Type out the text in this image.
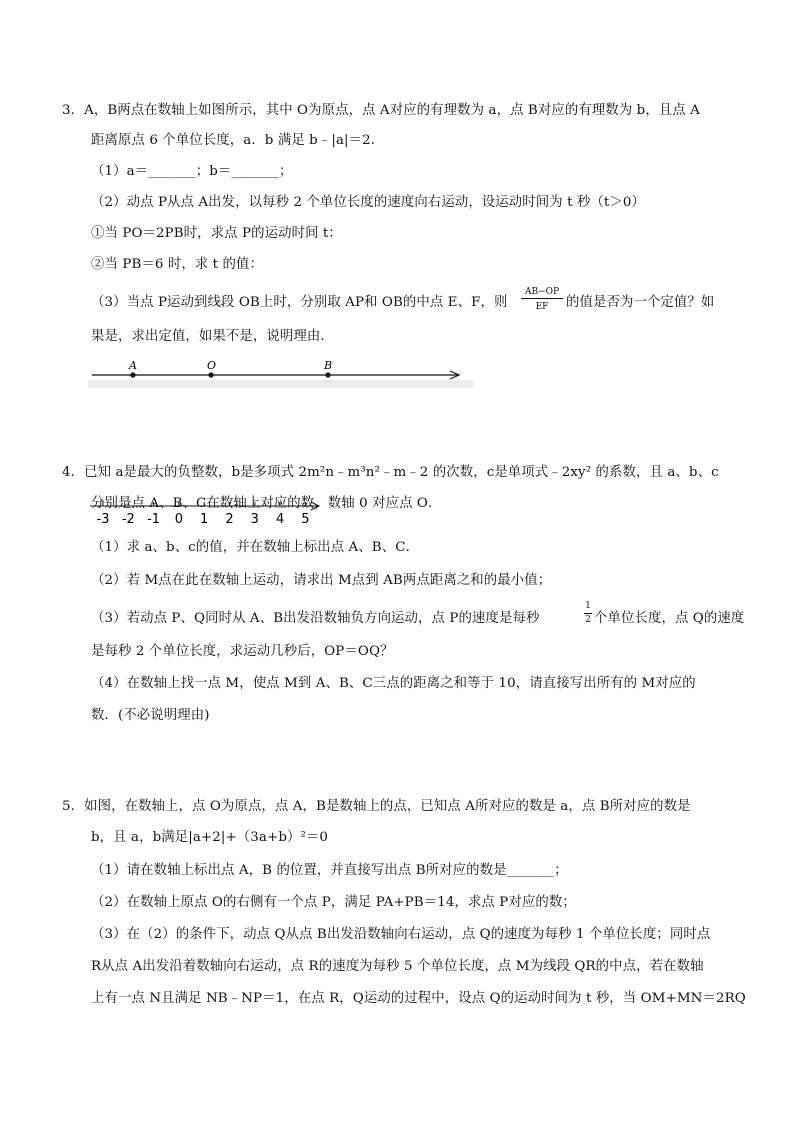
3．A，B两点在数轴上如图所示，其中 O为原点，点 A对应的有理数为 a，点 B对应的有理数为 b，且点 A
距离原点 6 个单位长度，a．b 满足 b﹣|a|＝2．
（1）a＝_______；b＝_______；
（2）动点 P从点 A出发，以每秒 2 个单位长度的速度向右运动，设运动时间为 t 秒（t＞0）
①当 PO＝2PB时，求点 P的运动时间 t：
②当 PB＝6 时，求 t 的值：
（3）当点 P运动到线段 OB上时，分别取 AP和 OB的中点 E、F，则
AB−OP
EF	的值是否为一个定值？如
果是，求出定值，如果不是，说明理由．
A	O	B
4．已知 a是最大的负整数，b是多项式 2m²n﹣m³n²﹣m﹣2 的次数，c是单项式﹣2xy² 的系数，且 a、b、c
分别是点 A、B、C在数轴上对应的数，数轴 0 对应点 O．
-3 -2 -1 0 1 2 3 4 5
（1）求 a、b、c的值，并在数轴上标出点 A、B、C．
（2）若 M点在此在数轴上运动，请求出 M点到 AB两点距离之和的最小值；
（3）若动点 P、Q同时从 A、B出发沿数轴负方向运动，点 P的速度是每秒
1
2 个单位长度，点 Q的速度
是每秒 2 个单位长度，求运动几秒后，OP＝OQ？
（4）在数轴上找一点 M，使点 M到 A、B、C三点的距离之和等于 10，请直接写出所有的 M对应的
数．(不必说明理由)
5．如图，在数轴上，点 O为原点，点 A，B是数轴上的点，已知点 A所对应的数是 a，点 B所对应的数是
b，且 a，b满足|a+2|+（3a+b）²＝0
（1）请在数轴上标出点 A，B 的位置，并直接写出点 B所对应的数是_______；
（2）在数轴上原点 O的右侧有一个点 P，满足 PA+PB＝14，求点 P对应的数；
（3）在（2）的条件下，动点 Q从点 B出发沿数轴向右运动，点 Q的速度为每秒 1 个单位长度；同时点
R从点 A出发沿着数轴向右运动，点 R的速度为每秒 5 个单位长度，点 M为线段 QR的中点，若在数轴
上有一点 N且满足 NB﹣NP＝1，在点 R，Q运动的过程中，设点 Q的运动时间为 t 秒，当 OM+MN＝2RQ
